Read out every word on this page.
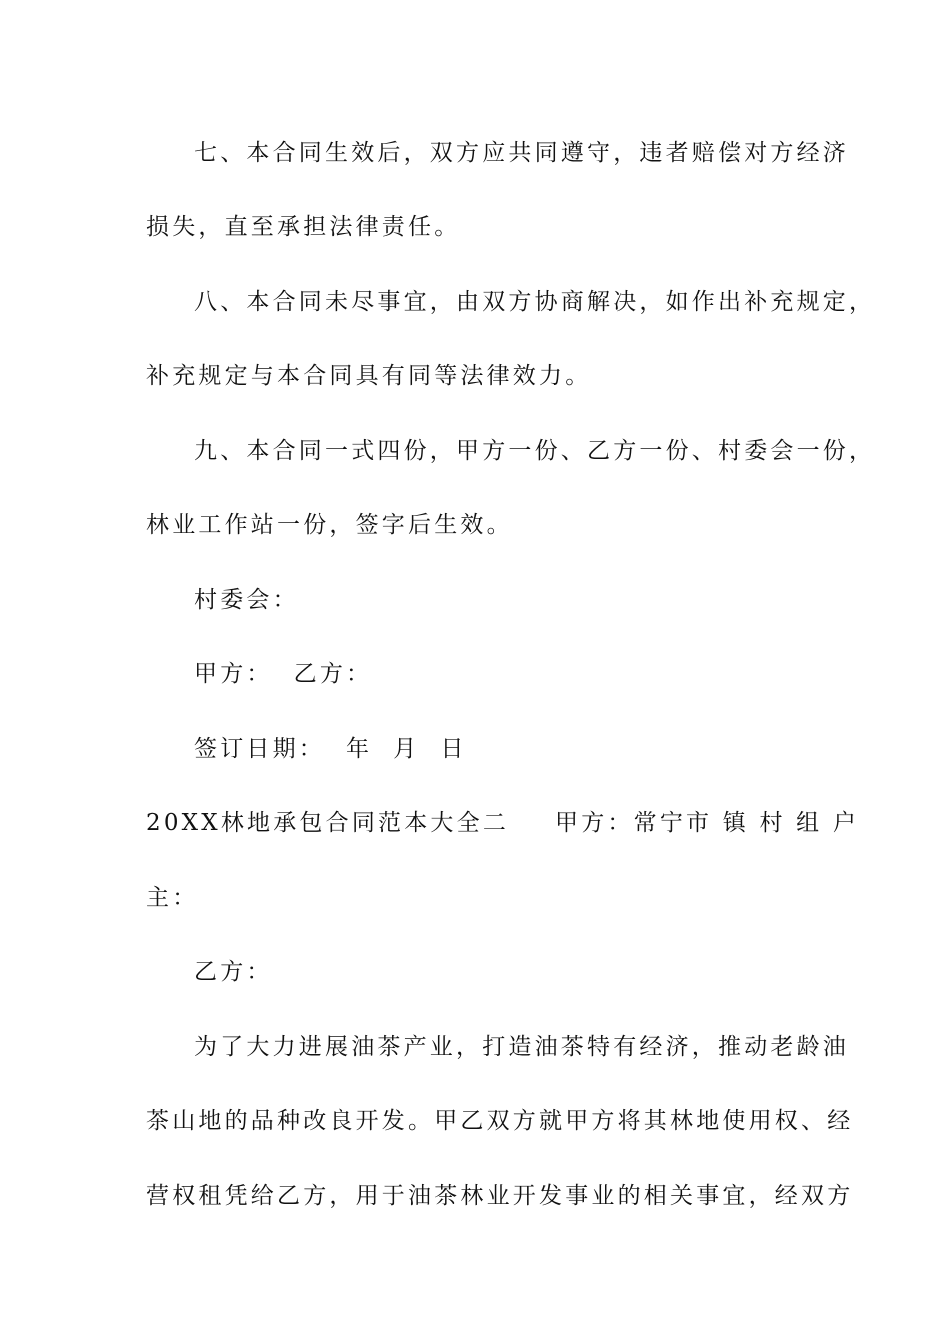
七、本合同生效后，双方应共同遵守，违者赔偿对方经济
损失，直至承担法律责任。
八、本合同未尽事宜，由双方协商解决，如作出补充规定，
补充规定与本合同具有同等法律效力。
九、本合同一式四份，甲方一份、乙方一份、村委会一份，
林业工作站一份，签字后生效。
村委会：
甲方：  乙方：
签订日期：  年  月  日
20XX林地承包合同范本大全二 甲方：常宁市 镇 村 组 户
主：
乙方：
为了大力进展油茶产业，打造油茶特有经济，推动老龄油
茶山地的品种改良开发。甲乙双方就甲方将其林地使用权、经
营权租凭给乙方，用于油茶林业开发事业的相关事宜，经双方
